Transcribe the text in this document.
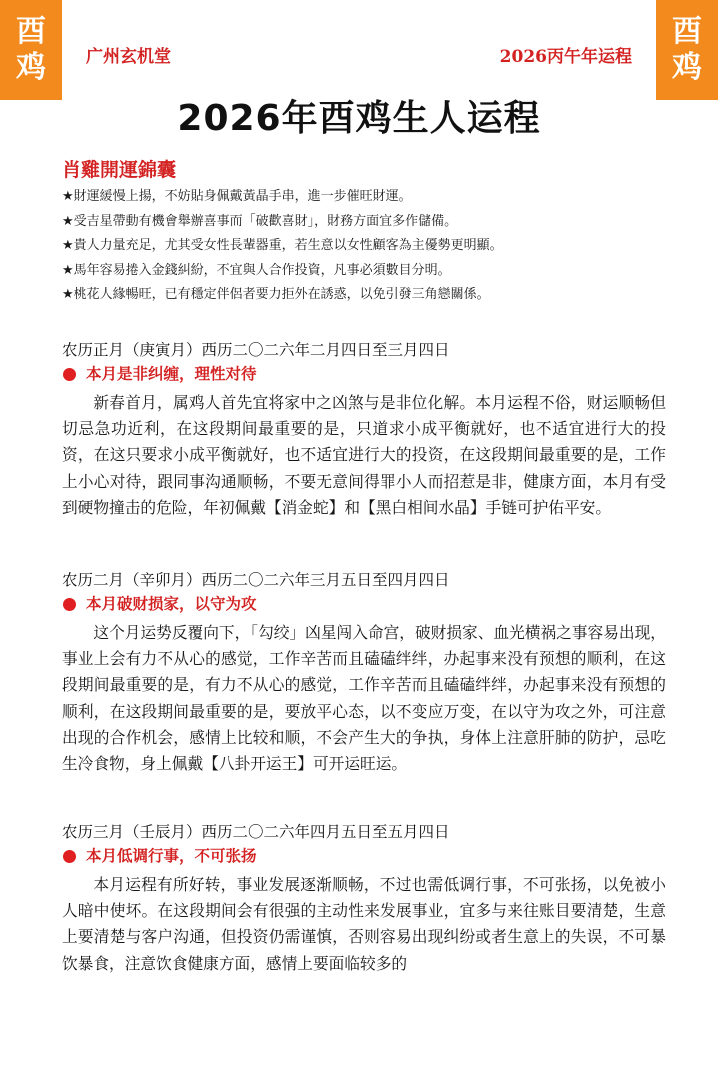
酉
鸡
酉
鸡
广州玄机堂	2026丙午年运程
2026年酉鸡生人运程
肖雞開運錦囊
★財運緩慢上揚，不妨貼身佩戴黃晶手串，進一步催旺財運。
★受吉星帶動有機會舉辦喜事而「破歡喜財」，財務方面宜多作儲備。
★貴人力量充足，尤其受女性長輩器重，若生意以女性顧客為主優勢更明顯。
★馬年容易捲入金錢糾紛，不宜與人合作投資，凡事必須數目分明。
★桃花人緣暢旺，已有穩定伴侶者要力拒外在誘惑，以免引發三角戀關係。
农历正月（庚寅月）西历二〇二六年二月四日至三月四日
本月是非纠缠，理性对待

新春首月，属鸡人首先宜将家中之凶煞与是非位化解。本月运程不俗，财运顺畅但切忌急功近利，在这段期间最重要的是，只道求小成平衡就好，也不适宜进行大的投资，在这只要求小成平衡就好，也不适宜进行大的投资，在这段期间最重要的是，工作上小心对待，跟同事沟通顺畅，不要无意间得罪小人而招惹是非，健康方面，本月有受到硬物撞击的危险，年初佩戴【消金蛇】和【黑白相间水晶】手链可护佑平安。

农历二月（辛卯月）西历二〇二六年三月五日至四月四日
本月破财损家，以守为攻

这个月运势反覆向下，「勾绞」凶星闯入命宫，破财损家、血光横祸之事容易出现，事业上会有力不从心的感觉，工作辛苦而且磕磕绊绊，办起事来没有预想的顺利，在这段期间最重要的是，有力不从心的感觉，工作辛苦而且磕磕绊绊，办起事来没有预想的顺利，在这段期间最重要的是，要放平心态，以不变应万变，在以守为攻之外，可注意出现的合作机会，感情上比较和顺，不会产生大的争执，身体上注意肝肺的防护，忌吃生冷食物，身上佩戴【八卦开运王】可开运旺运。

农历三月（壬辰月）西历二〇二六年四月五日至五月四日
本月低调行事，不可张扬

本月运程有所好转，事业发展逐渐顺畅，不过也需低调行事，不可张扬，以免被小人暗中使坏。在这段期间会有很强的主动性来发展事业，宜多与来往账目要清楚，生意上要清楚与客户沟通，但投资仍需谨慎，否则容易出现纠纷或者生意上的失误，不可暴饮暴食，注意饮食健康方面，感情上要面临较多的
